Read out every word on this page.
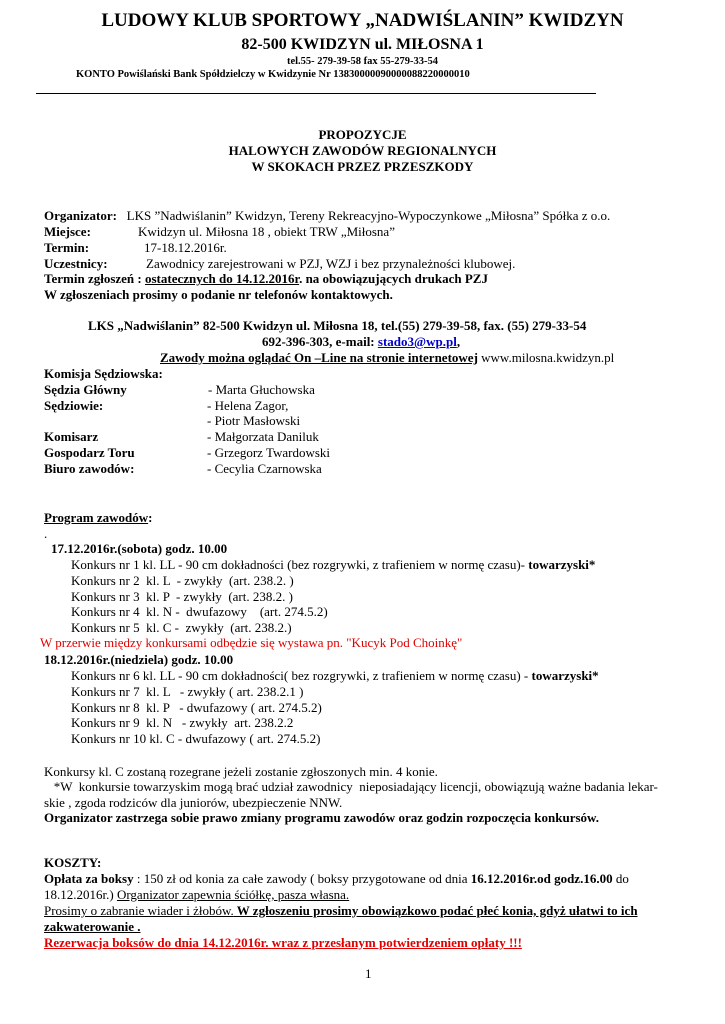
LUDOWY KLUB SPORTOWY „NADWIŚLANIN” KWIDZYN
82-500 KWIDZYN ul. MIŁOSNA 1
tel.55- 279-39-58 fax 55-279-33-54
KONTO Powiślański Bank Spółdzielczy w Kwidzynie Nr 13830000090000088220000010
PROPOZYCJE
HALOWYCH ZAWODÓW REGIONALNYCH
W SKOKACH PRZEZ PRZESZKODY
Organizator: LKS ”Nadwiślanin” Kwidzyn, Tereny Rekreacyjno-Wypoczynkowe „Miłosna” Spółka z o.o.
Miejsce:	Kwidzyn ul. Miłosna 18 , obiekt TRW „Miłosna”
Termin:	17-18.12.2016r.
Uczestnicy:	Zawodnicy zarejestrowani w PZJ, WZJ i bez przynależności klubowej.
Termin zgłoszeń : ostatecznych do 14.12.2016r. na obowiązujących drukach PZJ
W zgłoszeniach prosimy o podanie nr telefonów kontaktowych.
LKS „Nadwiślanin” 82-500 Kwidzyn ul. Miłosna 18, tel.(55) 279-39-58, fax. (55) 279-33-54
692-396-303, e-mail: stado3@wp.pl,
Zawody można oglądać On –Line na stronie internetowej www.milosna.kwidzyn.pl
Komisja Sędziowska:
Sędzia Główny	- Marta Głuchowska
Sędziowie:	- Helena Zagor,
- Piotr Masłowski
Komisarz	- Małgorzata Daniluk
Gospodarz Toru	- Grzegorz Twardowski
Biuro zawodów:	- Cecylia Czarnowska
Program zawodów:
.
17.12.2016r.(sobota) godz. 10.00
Konkurs nr 1 kl. LL - 90 cm dokładności (bez rozgrywki, z trafieniem w normę czasu)- towarzyski*
Konkurs nr 2  kl. L  - zwykły  (art. 238.2. )
Konkurs nr 3  kl. P  - zwykły  (art. 238.2. )
Konkurs nr 4  kl. N -  dwufazowy    (art. 274.5.2)
Konkurs nr 5  kl. C -  zwykły  (art. 238.2.)
W przerwie między konkursami odbędzie się wystawa pn. "Kucyk Pod Choinkę"
18.12.2016r.(niedziela) godz. 10.00
Konkurs nr 6 kl. LL - 90 cm dokładności( bez rozgrywki, z trafieniem w normę czasu) - towarzyski*
Konkurs nr 7  kl. L   - zwykły ( art. 238.2.1 )
Konkurs nr 8  kl. P   - dwufazowy ( art. 274.5.2)
Konkurs nr 9  kl. N   - zwykły  art. 238.2.2
Konkurs nr 10 kl. C - dwufazowy ( art. 274.5.2)
Konkursy kl. C zostaną rozegrane jeżeli zostanie zgłoszonych min. 4 konie.
*W  konkursie towarzyskim mogą brać udział zawodnicy  nieposiadający licencji, obowiązują ważne badania lekar-
skie , zgoda rodziców dla juniorów, ubezpieczenie NNW.
Organizator zastrzega sobie prawo zmiany programu zawodów oraz godzin rozpoczęcia konkursów.
KOSZTY:
Opłata za boksy : 150 zł od konia za całe zawody ( boksy przygotowane od dnia 16.12.2016r.od godz.16.00 do
18.12.2016r.) Organizator zapewnia ściółkę, pasza własna.
Prosimy o zabranie wiader i żłobów. W zgłoszeniu prosimy obowiązkowo podać płeć konia, gdyż ułatwi to ich
zakwaterowanie .
Rezerwacja boksów do dnia 14.12.2016r. wraz z przesłanym potwierdzeniem opłaty !!!
1
